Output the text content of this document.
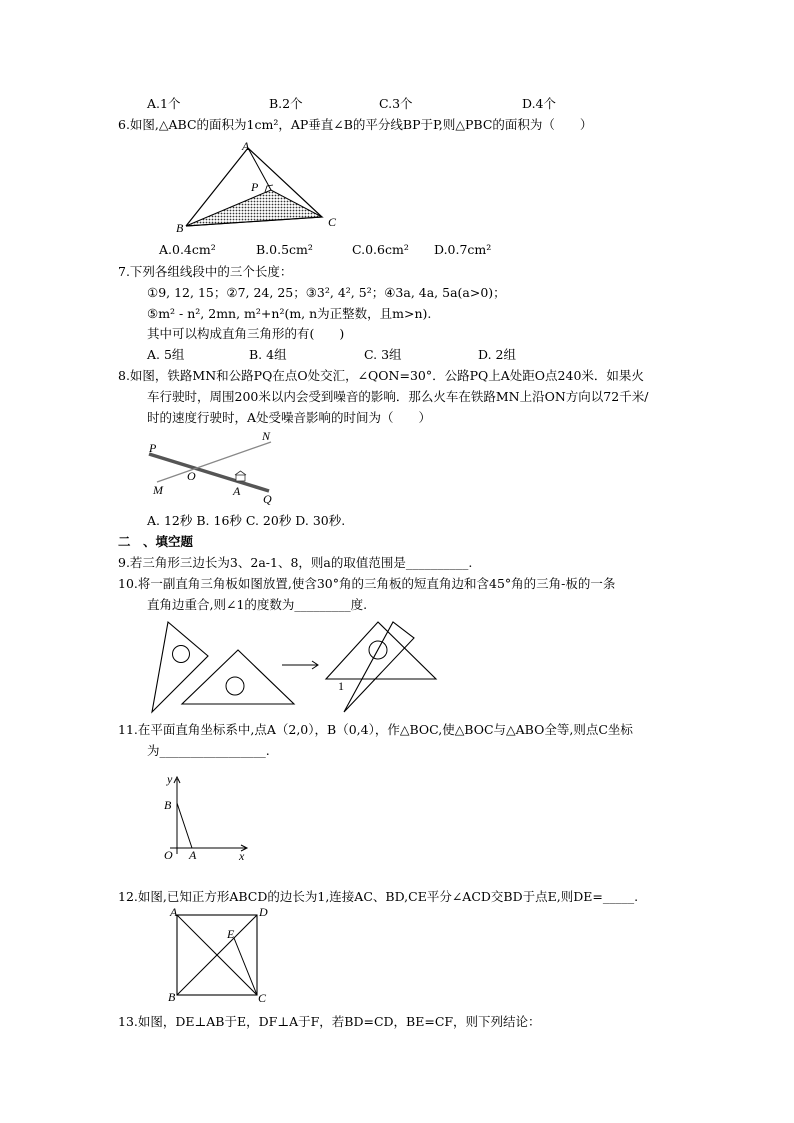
A.1个	B.2个	C.3个	D.4个
6.如图,△ABC的面积为1cm²，AP垂直∠B的平分线BP于P,则△PBC的面积为（　　）
A
P
B	C
A.0.4cm²	B.0.5cm²	C.0.6cm² D.0.7cm²
7.下列各组线段中的三个长度：
①9, 12, 15；②7, 24, 25；③3², 4², 5²；④3a, 4a, 5a(a>0)；
⑤m² - n², 2mn, m²+n²(m, n为正整数，且m>n).
其中可以构成直角三角形的有(　　)
A. 5组	B. 4组	C. 3组	D. 2组
8.如图，铁路MN和公路PQ在点O处交汇，∠QON=30°．公路PQ上A处距O点240米．如果火
车行驶时，周围200米以内会受到噪音的影响．那么火车在铁路MN上沿ON方向以72千米/
时的速度行驶时，A处受噪音影响的时间为（　　）
P
N
M
O
A
Q
A. 12秒 B. 16秒 C. 20秒 D. 30秒.
二　、填空题
9.若三角形三边长为3、2a-1、8，则a的取值范围是__________.
10.将一副直角三角板如图放置,使含30°角的三角板的短直角边和含45°角的三角-板的一条
直角边重合,则∠1的度数为_________度.
1
11.在平面直角坐标系中,点A（2,0），B（0,4），作△BOC,使△BOC与△ABO全等,则点C坐标
为_________________.
y
B
O A	x
12.如图,已知正方形ABCD的边长为1,连接AC、BD,CE平分∠ACD交BD于点E,则DE=_____.
A	D
E
B	C
13.如图，DE⊥AB于E，DF⊥A于F，若BD=CD，BE=CF，则下列结论：
